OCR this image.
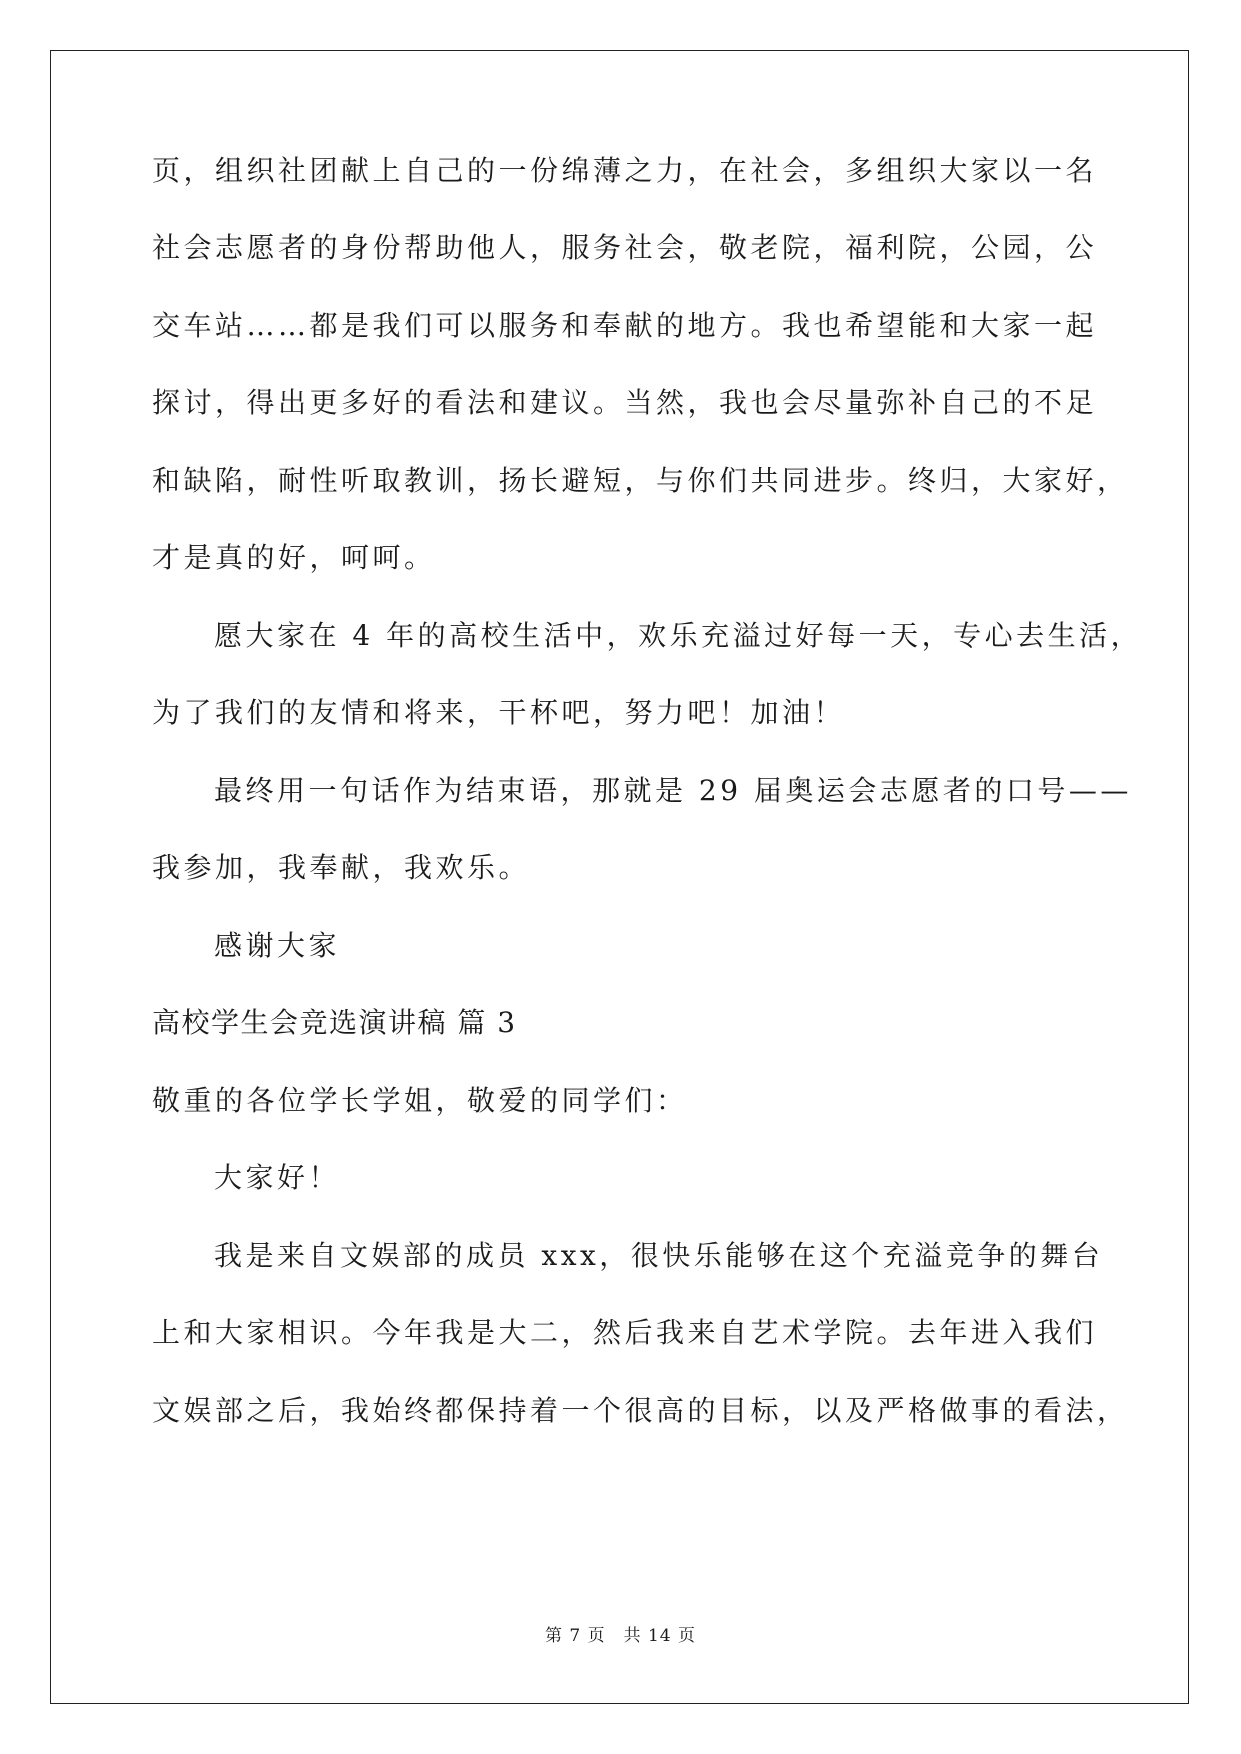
页，组织社团献上自己的一份绵薄之力，在社会，多组织大家以一名
社会志愿者的身份帮助他人，服务社会，敬老院，福利院，公园，公
交车站……都是我们可以服务和奉献的地方。我也希望能和大家一起
探讨，得出更多好的看法和建议。当然，我也会尽量弥补自己的不足
和缺陷，耐性听取教训，扬长避短，与你们共同进步。终归，大家好，
才是真的好，呵呵。
愿大家在 4 年的高校生活中，欢乐充溢过好每一天，专心去生活，
为了我们的友情和将来，干杯吧，努力吧！加油！
最终用一句话作为结束语，那就是 29 届奥运会志愿者的口号——
我参加，我奉献，我欢乐。
感谢大家
高校学生会竞选演讲稿 篇 3
敬重的各位学长学姐，敬爱的同学们：
大家好！
我是来自文娱部的成员 xxx，很快乐能够在这个充溢竞争的舞台
上和大家相识。今年我是大二，然后我来自艺术学院。去年进入我们
文娱部之后，我始终都保持着一个很高的目标，以及严格做事的看法，
第 7 页　共 14 页
